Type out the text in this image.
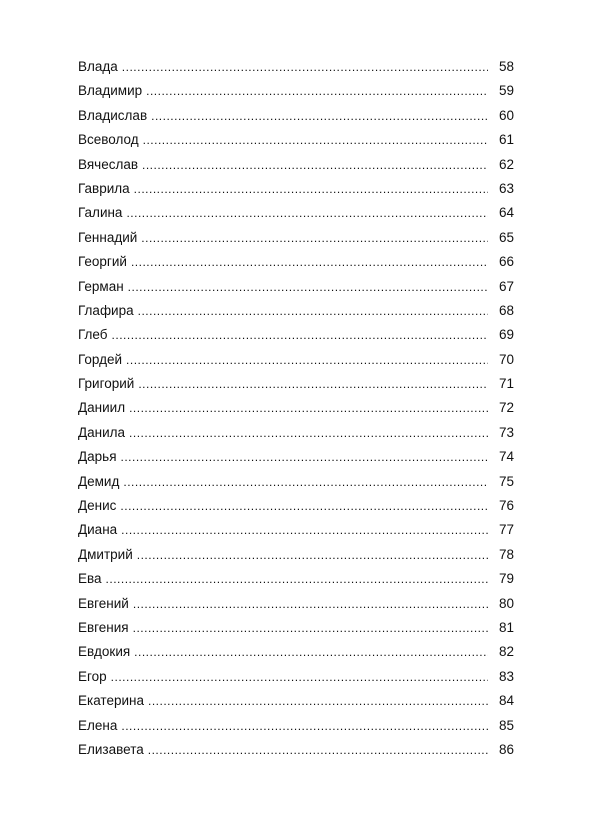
Влада .....	58
Владимир .....	59
Владислав .....	60
Всеволод .....	61
Вячеслав .....	62
Гаврила .....	63
Галина .....	64
Геннадий .....	65
Георгий .....	66
Герман .....	67
Глафира .....	68
Глеб .....	69
Гордей .....	70
Григорий .....	71
Даниил .....	72
Данила .....	73
Дарья .....	74
Демид .....	75
Денис .....	76
Диана .....	77
Дмитрий .....	78
Ева .....	79
Евгений .....	80
Евгения .....	81
Евдокия .....	82
Егор .....	83
Екатерина .....	84
Елена .....	85
Елизавета .....	86
